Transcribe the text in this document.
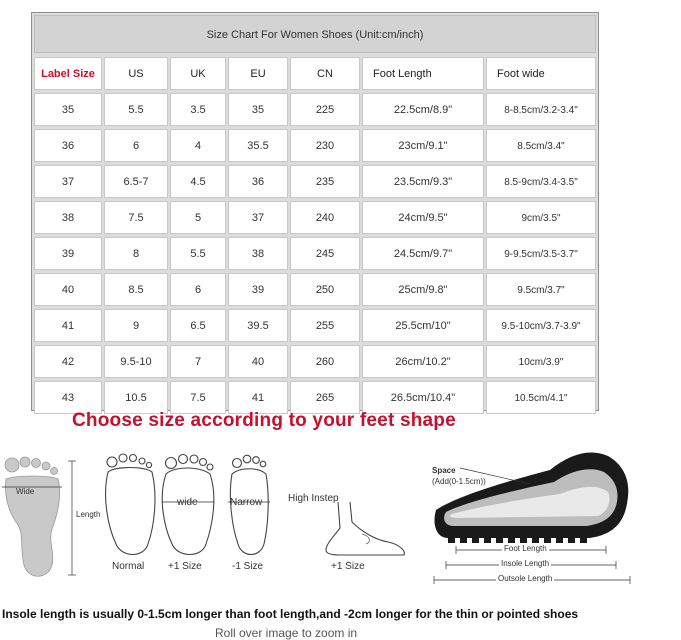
Size Chart For Women Shoes (Unit:cm/inch)
Label Size	US	UK	EU	CN	Foot Length	Foot wide
35	5.5	3.5	35	225	22.5cm/8.9"	8-8.5cm/3.2-3.4"
36	6	4	35.5	230	23cm/9.1"	8.5cm/3.4"
37	6.5-7	4.5	36	235	23.5cm/9.3"	8.5-9cm/3.4-3.5"
38	7.5	5	37	240	24cm/9.5"	9cm/3.5"
39	8	5.5	38	245	24.5cm/9.7"	9-9.5cm/3.5-3.7"
40	8.5	6	39	250	25cm/9.8"	9.5cm/3.7"
41	9	6.5	39.5	255	25.5cm/10"	9.5-10cm/3.7-3.9"
42	9.5-10	7	40	260	26cm/10.2"	10cm/3.9"
43	10.5	7.5	41	265	26.5cm/10.4"	10.5cm/4.1"
Choose size according to your feet shape
Wide
Length
wide	Narrow
Normal +1 Size	-1 Size
High Instep
+1 Size
Space
(Add(0-1.5cm))
Foot Length
Insole Length
Outsole Length
Insole length is usually 0-1.5cm longer than foot length,and -2cm longer for the thin or pointed shoes
Roll over image to zoom in
